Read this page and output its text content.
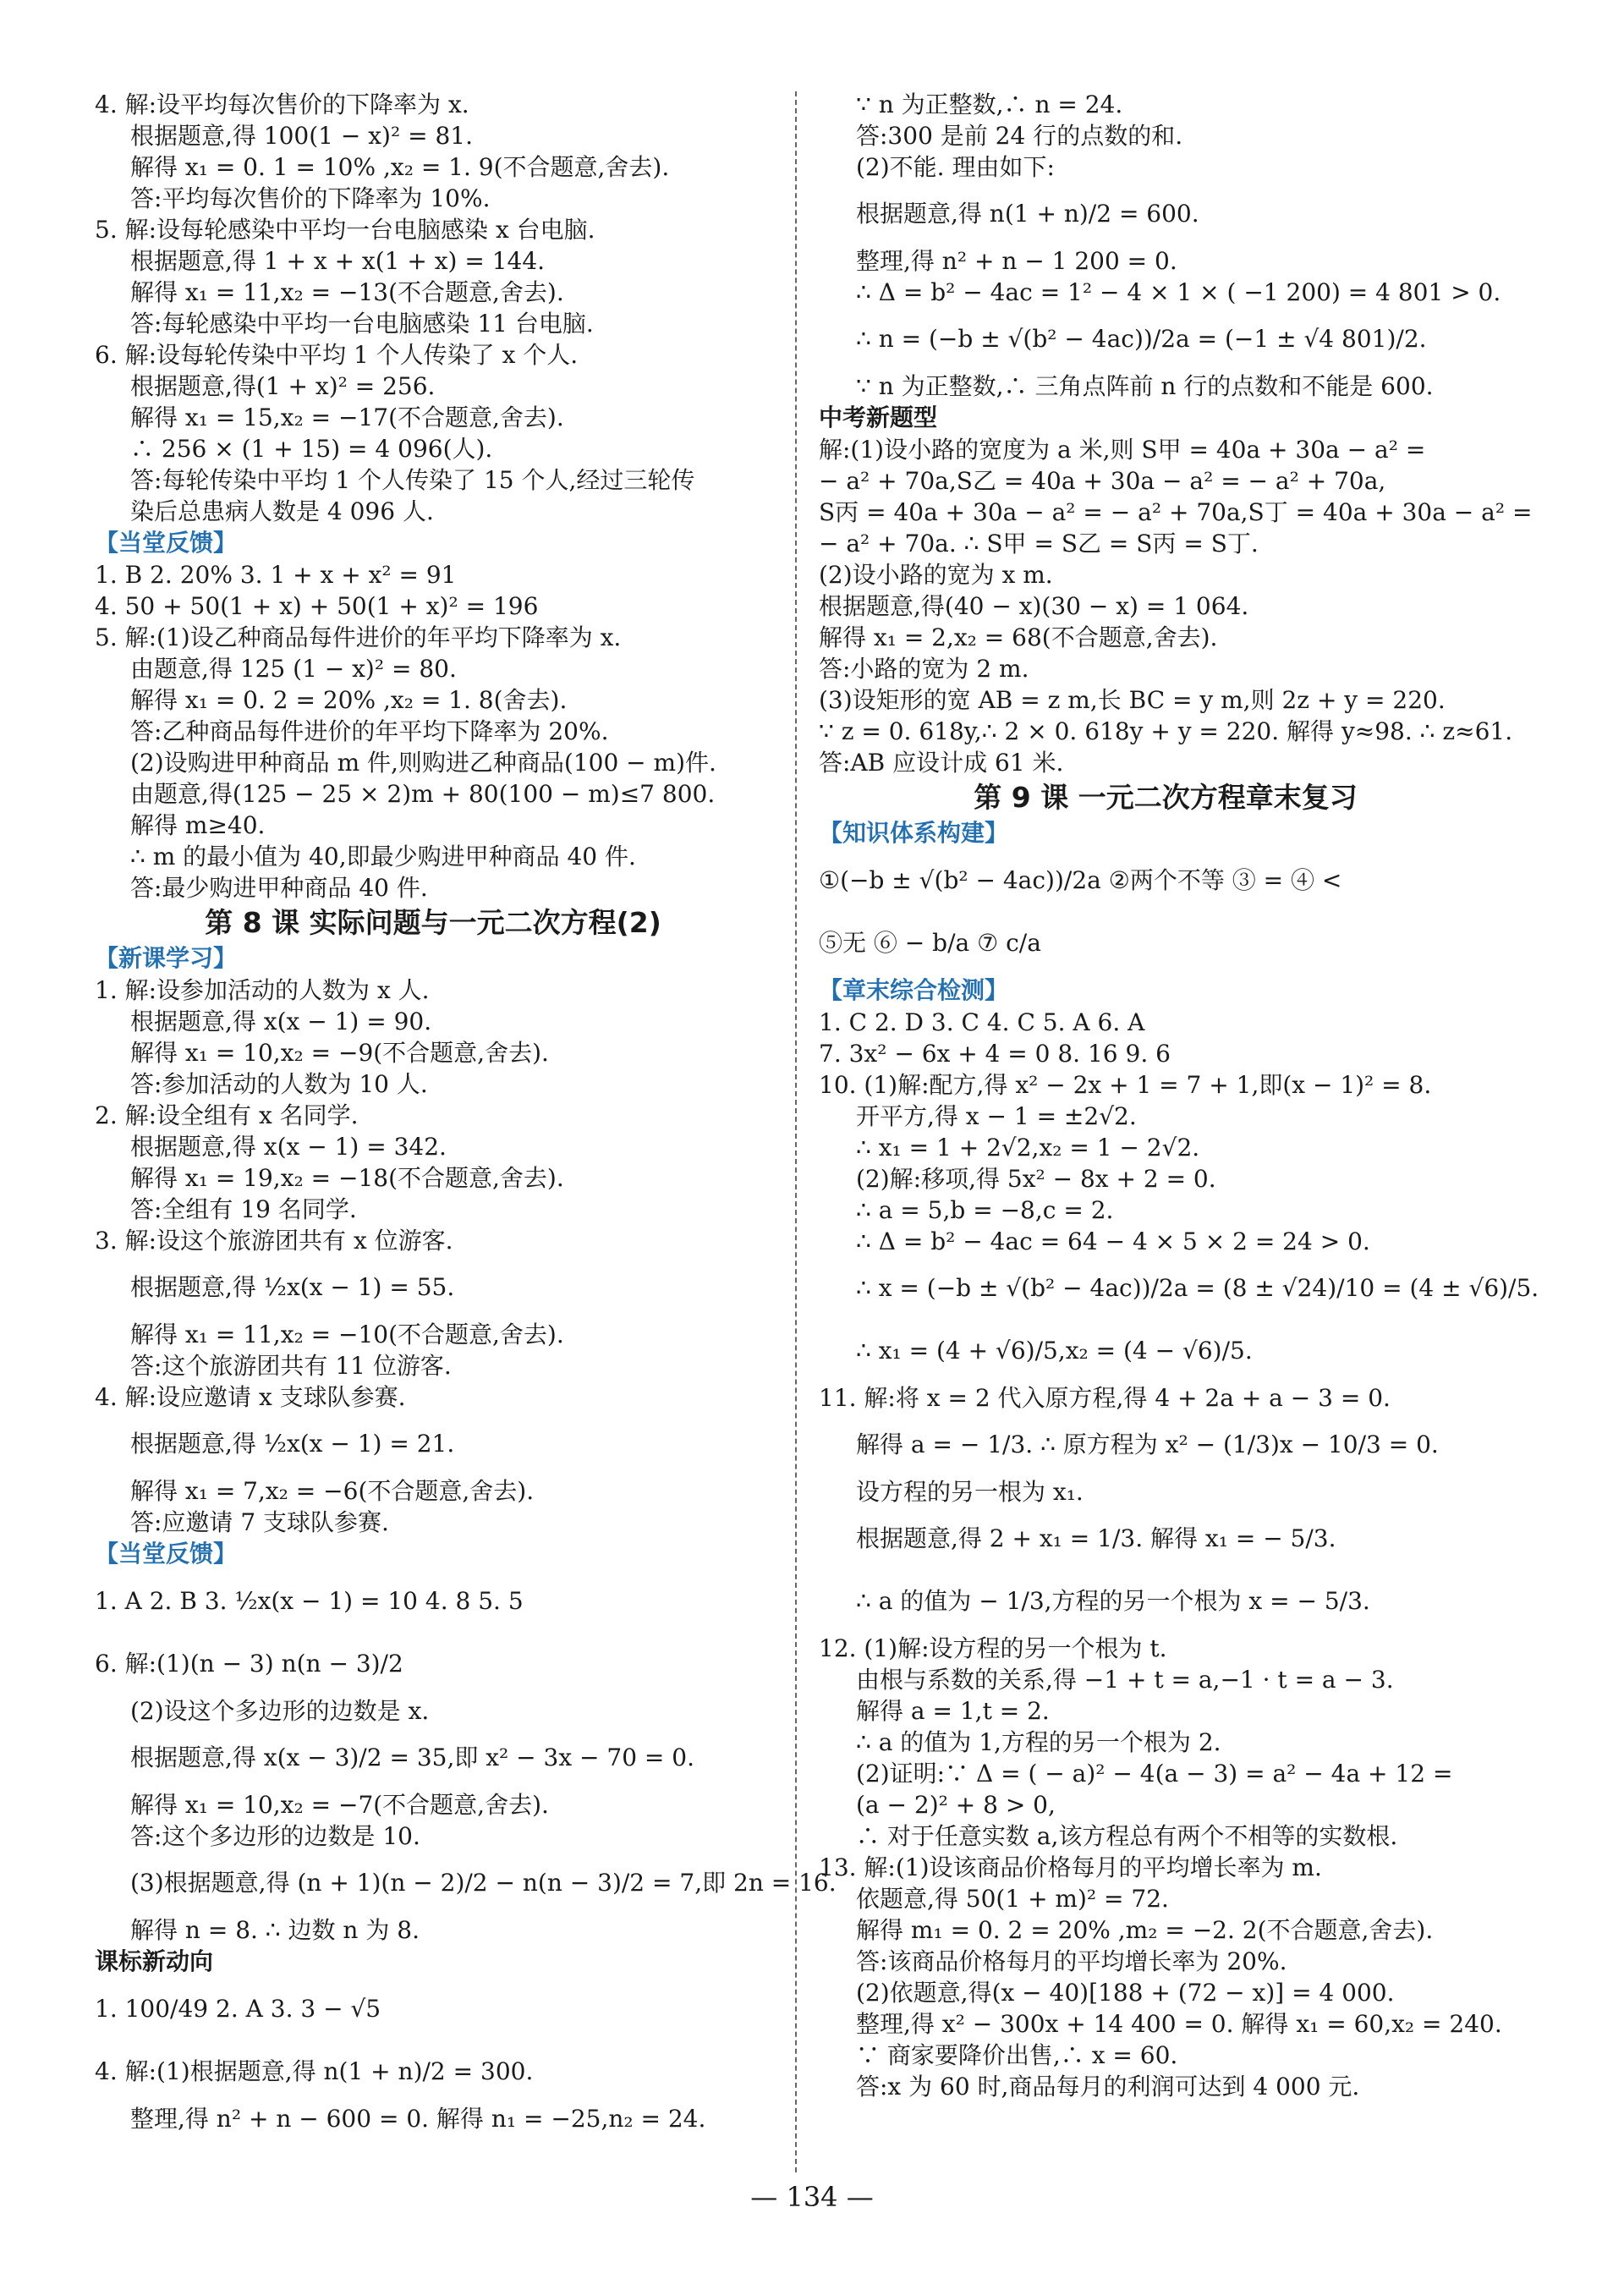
4. 解:设平均每次售价的下降率为 x.
根据题意,得 100(1 − x)² = 81.
解得 x₁ = 0. 1 = 10% ,x₂ = 1. 9(不合题意,舍去).
答:平均每次售价的下降率为 10%.
5. 解:设每轮感染中平均一台电脑感染 x 台电脑.
根据题意,得 1 + x + x(1 + x) = 144.
解得 x₁ = 11,x₂ = −13(不合题意,舍去).
答:每轮感染中平均一台电脑感染 11 台电脑.
6. 解:设每轮传染中平均 1 个人传染了 x 个人.
根据题意,得(1 + x)² = 256.
解得 x₁ = 15,x₂ = −17(不合题意,舍去).
∴ 256 × (1 + 15) = 4 096(人).
答:每轮传染中平均 1 个人传染了 15 个人,经过三轮传
染后总患病人数是 4 096 人.
【当堂反馈】
1. B 2. 20% 3. 1 + x + x² = 91
4. 50 + 50(1 + x) + 50(1 + x)² = 196
5. 解:(1)设乙种商品每件进价的年平均下降率为 x.
由题意,得 125 (1 − x)² = 80.
解得 x₁ = 0. 2 = 20% ,x₂ = 1. 8(舍去).
答:乙种商品每件进价的年平均下降率为 20%.
(2)设购进甲种商品 m 件,则购进乙种商品(100 − m)件.
由题意,得(125 − 25 × 2)m + 80(100 − m)≤7 800.
解得 m≥40.
∴ m 的最小值为 40,即最少购进甲种商品 40 件.
答:最少购进甲种商品 40 件.
第 8 课 实际问题与一元二次方程(2)
【新课学习】
1. 解:设参加活动的人数为 x 人.
根据题意,得 x(x − 1) = 90.
解得 x₁ = 10,x₂ = −9(不合题意,舍去).
答:参加活动的人数为 10 人.
2. 解:设全组有 x 名同学.
根据题意,得 x(x − 1) = 342.
解得 x₁ = 19,x₂ = −18(不合题意,舍去).
答:全组有 19 名同学.
3. 解:设这个旅游团共有 x 位游客.
根据题意,得 ½x(x − 1) = 55.
解得 x₁ = 11,x₂ = −10(不合题意,舍去).
答:这个旅游团共有 11 位游客.
4. 解:设应邀请 x 支球队参赛.
根据题意,得 ½x(x − 1) = 21.
解得 x₁ = 7,x₂ = −6(不合题意,舍去).
答:应邀请 7 支球队参赛.
【当堂反馈】
1. A 2. B 3. ½x(x − 1) = 10 4. 8 5. 5
6. 解:(1)(n − 3) n(n − 3)/2
(2)设这个多边形的边数是 x.
根据题意,得 x(x − 3)/2 = 35,即 x² − 3x − 70 = 0.
解得 x₁ = 10,x₂ = −7(不合题意,舍去).
答:这个多边形的边数是 10.
(3)根据题意,得 (n + 1)(n − 2)/2 − n(n − 3)/2 = 7,即 2n = 16.
解得 n = 8. ∴ 边数 n 为 8.
课标新动向
1. 100/49 2. A 3. 3 − √5
4. 解:(1)根据题意,得 n(1 + n)/2 = 300.
整理,得 n² + n − 600 = 0. 解得 n₁ = −25,n₂ = 24.
∵ n 为正整数,∴ n = 24.
答:300 是前 24 行的点数的和.
(2)不能. 理由如下:
根据题意,得 n(1 + n)/2 = 600.
整理,得 n² + n − 1 200 = 0.
∴ Δ = b² − 4ac = 1² − 4 × 1 × ( −1 200) = 4 801 > 0.
∴ n = (−b ± √(b² − 4ac))/2a = (−1 ± √4 801)/2.
∵ n 为正整数,∴ 三角点阵前 n 行的点数和不能是 600.
中考新题型
解:(1)设小路的宽度为 a 米,则 S甲 = 40a + 30a − a² =
− a² + 70a,S乙 = 40a + 30a − a² = − a² + 70a,
S丙 = 40a + 30a − a² = − a² + 70a,S丁 = 40a + 30a − a² =
− a² + 70a. ∴ S甲 = S乙 = S丙 = S丁.
(2)设小路的宽为 x m.
根据题意,得(40 − x)(30 − x) = 1 064.
解得 x₁ = 2,x₂ = 68(不合题意,舍去).
答:小路的宽为 2 m.
(3)设矩形的宽 AB = z m,长 BC = y m,则 2z + y = 220.
∵ z = 0. 618y,∴ 2 × 0. 618y + y = 220. 解得 y≈98. ∴ z≈61.
答:AB 应设计成 61 米.
第 9 课 一元二次方程章末复习
【知识体系构建】
①(−b ± √(b² − 4ac))/2a ②两个不等 ③ = ④ <
⑤无 ⑥ − b/a ⑦ c/a
【章末综合检测】
1. C 2. D 3. C 4. C 5. A 6. A
7. 3x² − 6x + 4 = 0 8. 16 9. 6
10. (1)解:配方,得 x² − 2x + 1 = 7 + 1,即(x − 1)² = 8.
开平方,得 x − 1 = ±2√2.
∴ x₁ = 1 + 2√2,x₂ = 1 − 2√2.
(2)解:移项,得 5x² − 8x + 2 = 0.
∴ a = 5,b = −8,c = 2.
∴ Δ = b² − 4ac = 64 − 4 × 5 × 2 = 24 > 0.
∴ x = (−b ± √(b² − 4ac))/2a = (8 ± √24)/10 = (4 ± √6)/5.
∴ x₁ = (4 + √6)/5,x₂ = (4 − √6)/5.
11. 解:将 x = 2 代入原方程,得 4 + 2a + a − 3 = 0.
解得 a = − 1/3. ∴ 原方程为 x² − (1/3)x − 10/3 = 0.
设方程的另一根为 x₁.
根据题意,得 2 + x₁ = 1/3. 解得 x₁ = − 5/3.
∴ a 的值为 − 1/3,方程的另一个根为 x = − 5/3.
12. (1)解:设方程的另一个根为 t.
由根与系数的关系,得 −1 + t = a,−1 · t = a − 3.
解得 a = 1,t = 2.
∴ a 的值为 1,方程的另一个根为 2.
(2)证明:∵ Δ = ( − a)² − 4(a − 3) = a² − 4a + 12 =
(a − 2)² + 8 > 0,
∴ 对于任意实数 a,该方程总有两个不相等的实数根.
13. 解:(1)设该商品价格每月的平均增长率为 m.
依题意,得 50(1 + m)² = 72.
解得 m₁ = 0. 2 = 20% ,m₂ = −2. 2(不合题意,舍去).
答:该商品价格每月的平均增长率为 20%.
(2)依题意,得(x − 40)[188 + (72 − x)] = 4 000.
整理,得 x² − 300x + 14 400 = 0. 解得 x₁ = 60,x₂ = 240.
∵ 商家要降价出售,∴ x = 60.
答:x 为 60 时,商品每月的利润可达到 4 000 元.
— 134 —
